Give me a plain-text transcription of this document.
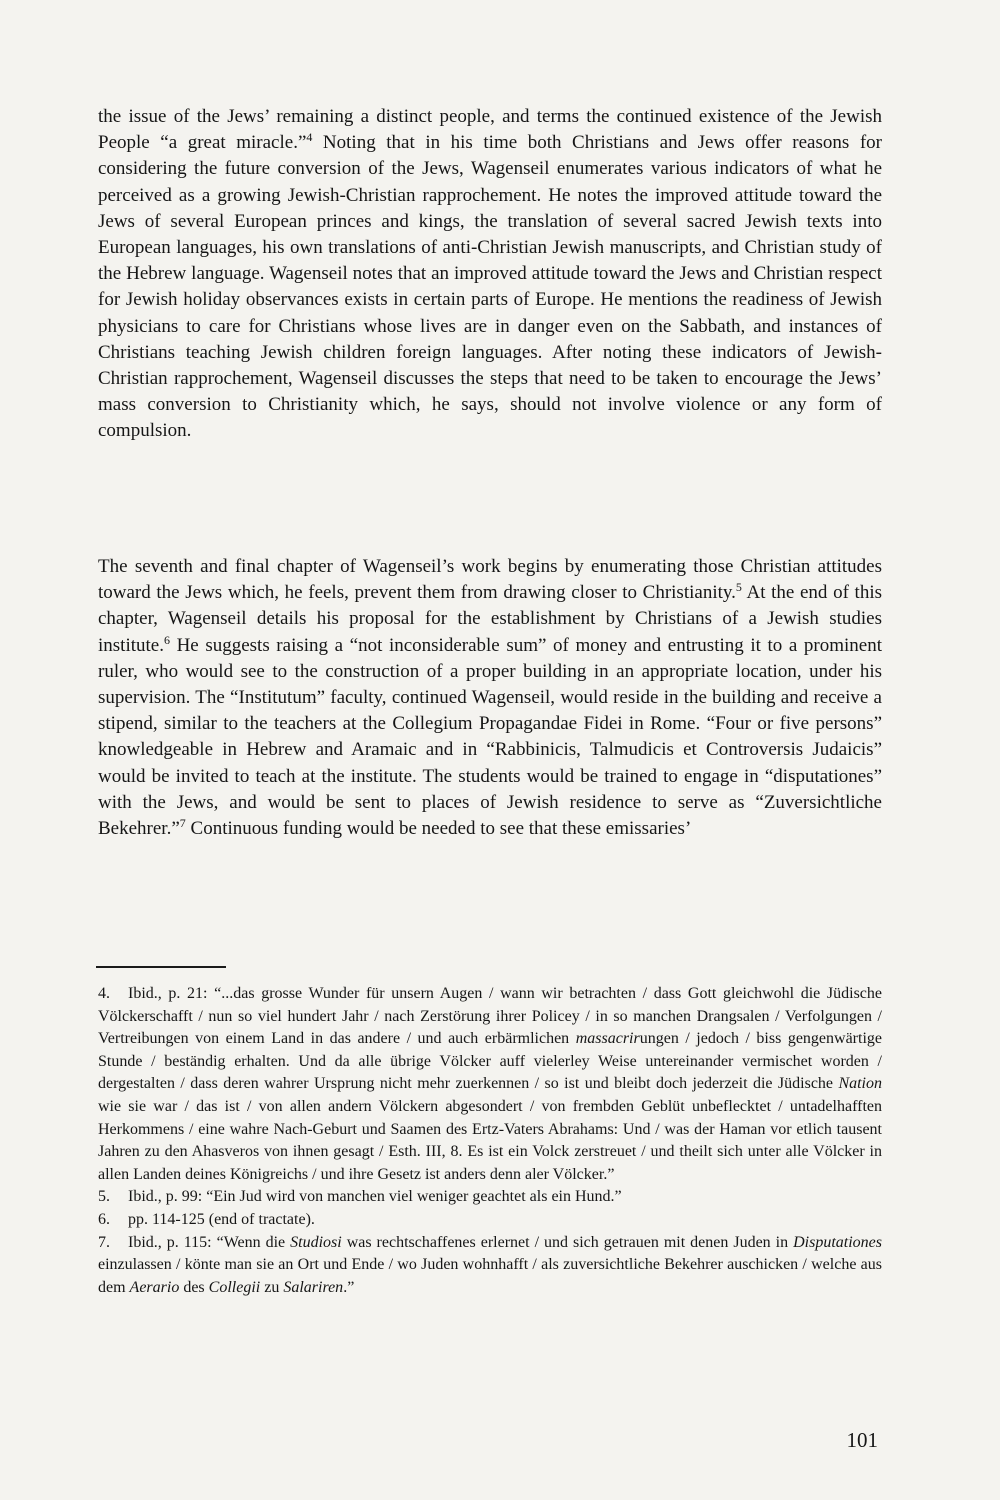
the issue of the Jews’ remaining a distinct people, and terms the continued existence of the Jewish People “a great miracle.”$^4$ Noting that in his time both Christians and Jews offer reasons for considering the future conversion of the Jews, Wagenseil enumerates various indicators of what he perceived as a growing Jewish-Christian rapprochement. He notes the improved attitude toward the Jews of several European princes and kings, the translation of several sacred Jewish texts into European languages, his own translations of anti-Christian Jewish manuscripts, and Christian study of the Hebrew language. Wagenseil notes that an improved attitude toward the Jews and Christian respect for Jewish holiday observances exists in certain parts of Europe. He mentions the readiness of Jewish physicians to care for Christians whose lives are in danger even on the Sabbath, and instances of Christians teaching Jewish children foreign languages. After noting these indicators of Jewish-Christian rapprochement, Wagenseil discusses the steps that need to be taken to encourage the Jews’ mass conversion to Christianity which, he says, should not involve violence or any form of compulsion.

The seventh and final chapter of Wagenseil’s work begins by enumerating those Christian attitudes toward the Jews which, he feels, prevent them from drawing closer to Christianity.$^5$ At the end of this chapter, Wagenseil details his proposal for the establishment by Christians of a Jewish studies institute.$^6$ He suggests raising a “not inconsiderable sum” of money and entrusting it to a prominent ruler, who would see to the construction of a proper building in an appropriate location, under his supervision. The “Institutum” faculty, continued Wagenseil, would reside in the building and receive a stipend, similar to the teachers at the Collegium Propagandae Fidei in Rome. “Four or five persons” knowledgeable in Hebrew and Aramaic and in “Rabbinicis, Talmudicis et Controversis Judaicis” would be invited to teach at the institute. The students would be trained to engage in “disputationes” with the Jews, and would be sent to places of Jewish residence to serve as “Zuversichtliche Bekehrer.”$^7$ Continuous funding would be needed to see that these emissaries’

4. Ibid., p. 21: “...das grosse Wunder für unsern Augen / wann wir betrachten / dass Gott gleichwohl die Jüdische Völckerschafft / nun so viel hundert Jahr / nach Zerstörung ihrer Policey / in so manchen Drangsalen / Verfolgungen / Vertreibungen von einem Land in das andere / und auch erbärmlichen massacrirungen / jedoch / biss gengenwärtige Stunde / beständig erhalten. Und da alle übrige Völcker auff vielerley Weise untereinander vermischet worden / dergestalten / dass deren wahrer Ursprung nicht mehr zuerkennen / so ist und bleibt doch jederzeit die Jüdische Nation wie sie war / das ist / von allen andern Völckern abgesondert / von frembden Geblüt unbeflecktet / untadelhafften Herkommens / eine wahre Nach-Geburt und Saamen des Ertz-Vaters Abrahams: Und / was der Haman vor etlich tausent Jahren zu den Ahasveros von ihnen gesagt / Esth. III, 8. Es ist ein Volck zerstreuet / und theilt sich unter alle Völcker in allen Landen deines Königreichs / und ihre Gesetz ist anders denn aler Völcker.”

5. Ibid., p. 99: “Ein Jud wird von manchen viel weniger geachtet als ein Hund.”

6. pp. 114-125 (end of tractate).

7. Ibid., p. 115: “Wenn die Studiosi was rechtschaffenes erlernet / und sich getrauen mit denen Juden in Disputationes einzulassen / könte man sie an Ort und Ende / wo Juden wohnhafft / als zuversichtliche Bekehrer auschicken / welche aus dem Aerario des Collegii zu Salariren.”

101
